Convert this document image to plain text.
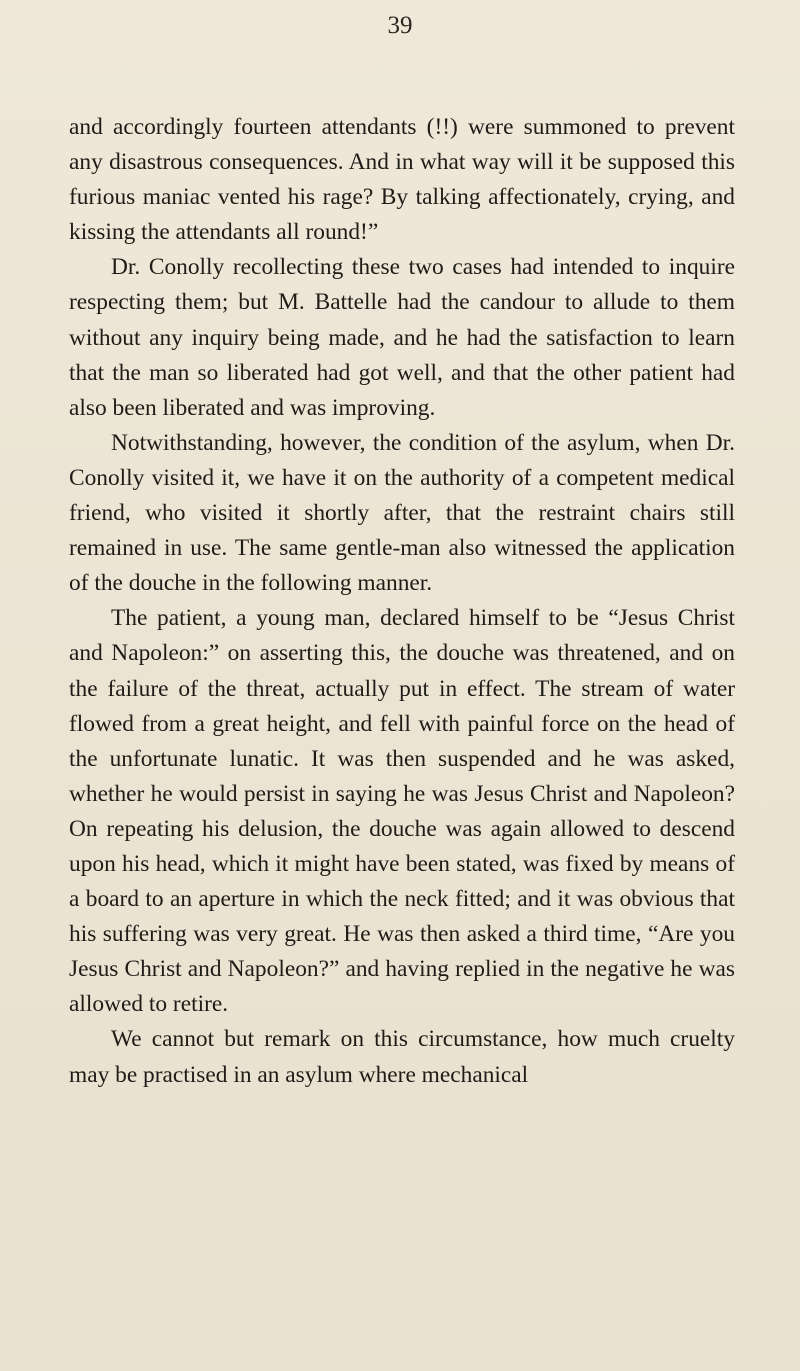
39

and accordingly fourteen attendants (!!) were summoned to prevent any disastrous consequences. And in what way will it be supposed this furious maniac vented his rage? By talking affectionately, crying, and kissing the attendants all round!”

Dr. Conolly recollecting these two cases had intended to inquire respecting them; but M. Battelle had the candour to allude to them without any inquiry being made, and he had the satisfaction to learn that the man so liberated had got well, and that the other patient had also been liberated and was improving.

Notwithstanding, however, the condition of the asylum, when Dr. Conolly visited it, we have it on the authority of a competent medical friend, who visited it shortly after, that the restraint chairs still remained in use. The same gentle-man also witnessed the application of the douche in the following manner.

The patient, a young man, declared himself to be “Jesus Christ and Napoleon:” on asserting this, the douche was threatened, and on the failure of the threat, actually put in effect. The stream of water flowed from a great height, and fell with painful force on the head of the unfortunate lunatic. It was then suspended and he was asked, whether he would persist in saying he was Jesus Christ and Napoleon? On repeating his delusion, the douche was again allowed to descend upon his head, which it might have been stated, was fixed by means of a board to an aperture in which the neck fitted; and it was obvious that his suffering was very great. He was then asked a third time, “Are you Jesus Christ and Napoleon?” and having replied in the negative he was allowed to retire.

We cannot but remark on this circumstance, how much cruelty may be practised in an asylum where mechanical
